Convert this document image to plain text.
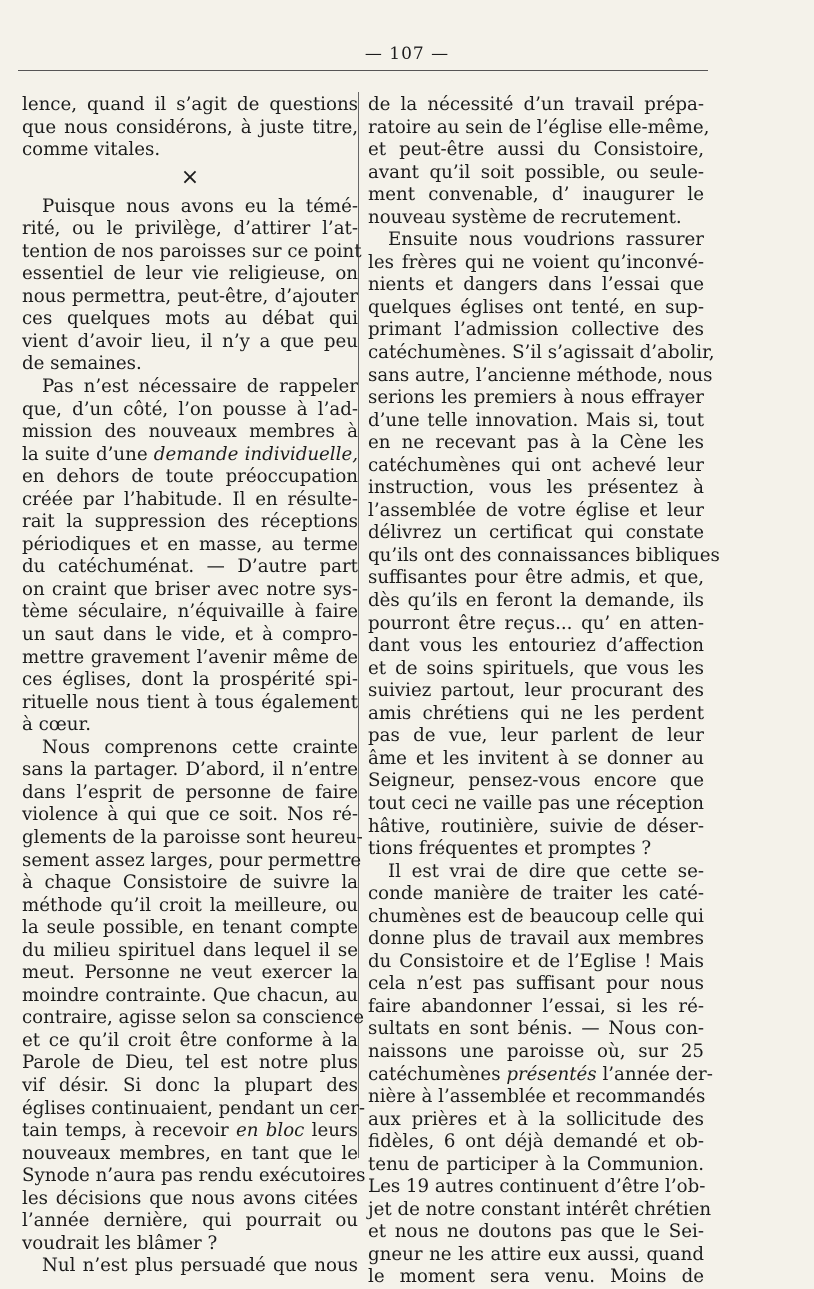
— 107 —
lence, quand il s’agit de questions
que nous considérons, à juste titre,
comme vitales.
×
Puisque nous avons eu la témé-
rité, ou le privilège, d’attirer l’at-
tention de nos paroisses sur ce point
essentiel de leur vie religieuse, on
nous permettra, peut-être, d’ajouter
ces quelques mots au débat qui
vient d’avoir lieu, il n’y a que peu
de semaines.
Pas n’est nécessaire de rappeler
que, d’un côté, l’on pousse à l’ad-
mission des nouveaux membres à
la suite d’une demande individuelle,
en dehors de toute préoccupation
créée par l’habitude. Il en résulte-
rait la suppression des réceptions
périodiques et en masse, au terme
du catéchuménat. — D’autre part
on craint que briser avec notre sys-
tème séculaire, n’équivaille à faire
un saut dans le vide, et à compro-
mettre gravement l’avenir même de
ces églises, dont la prospérité spi-
rituelle nous tient à tous également
à cœur.
Nous comprenons cette crainte
sans la partager. D’abord, il n’entre
dans l’esprit de personne de faire
violence à qui que ce soit. Nos ré-
glements de la paroisse sont heureu-
sement assez larges, pour permettre
à chaque Consistoire de suivre la
méthode qu’il croit la meilleure, ou
la seule possible, en tenant compte
du milieu spirituel dans lequel il se
meut. Personne ne veut exercer la
moindre contrainte. Que chacun, au
contraire, agisse selon sa conscience
et ce qu’il croit être conforme à la
Parole de Dieu, tel est notre plus
vif désir. Si donc la plupart des
églises continuaient, pendant un cer-
tain temps, à recevoir en bloc leurs
nouveaux membres, en tant que le
Synode n’aura pas rendu exécutoires
les décisions que nous avons citées
l’année dernière, qui pourrait ou
voudrait les blâmer ?
Nul n’est plus persuadé que nous
de la nécessité d’un travail prépa-
ratoire au sein de l’église elle-même,
et peut-être aussi du Consistoire,
avant qu’il soit possible, ou seule-
ment convenable, d’ inaugurer le
nouveau système de recrutement.
Ensuite nous voudrions rassurer
les frères qui ne voient qu’inconvé-
nients et dangers dans l’essai que
quelques églises ont tenté, en sup-
primant l’admission collective des
catéchumènes. S’il s’agissait d’abolir,
sans autre, l’ancienne méthode, nous
serions les premiers à nous effrayer
d’une telle innovation. Mais si, tout
en ne recevant pas à la Cène les
catéchumènes qui ont achevé leur
instruction, vous les présentez à
l’assemblée de votre église et leur
délivrez un certificat qui constate
qu’ils ont des connaissances bibliques
suffisantes pour être admis, et que,
dès qu’ils en feront la demande, ils
pourront être reçus... qu’ en atten-
dant vous les entouriez d’affection
et de soins spirituels, que vous les
suiviez partout, leur procurant des
amis chrétiens qui ne les perdent
pas de vue, leur parlent de leur
âme et les invitent à se donner au
Seigneur, pensez-vous encore que
tout ceci ne vaille pas une réception
hâtive, routinière, suivie de déser-
tions fréquentes et promptes ?
Il est vrai de dire que cette se-
conde manière de traiter les caté-
chumènes est de beaucoup celle qui
donne plus de travail aux membres
du Consistoire et de l’Eglise ! Mais
cela n’est pas suffisant pour nous
faire abandonner l’essai, si les ré-
sultats en sont bénis. — Nous con-
naissons une paroisse où, sur 25
catéchumènes présentés l’année der-
nière à l’assemblée et recommandés
aux prières et à la sollicitude des
fidèles, 6 ont déjà demandé et ob-
tenu de participer à la Communion.
Les 19 autres continuent d’être l’ob-
jet de notre constant intérêt chrétien
et nous ne doutons pas que le Sei-
gneur ne les attire eux aussi, quand
le moment sera venu. Moins de
